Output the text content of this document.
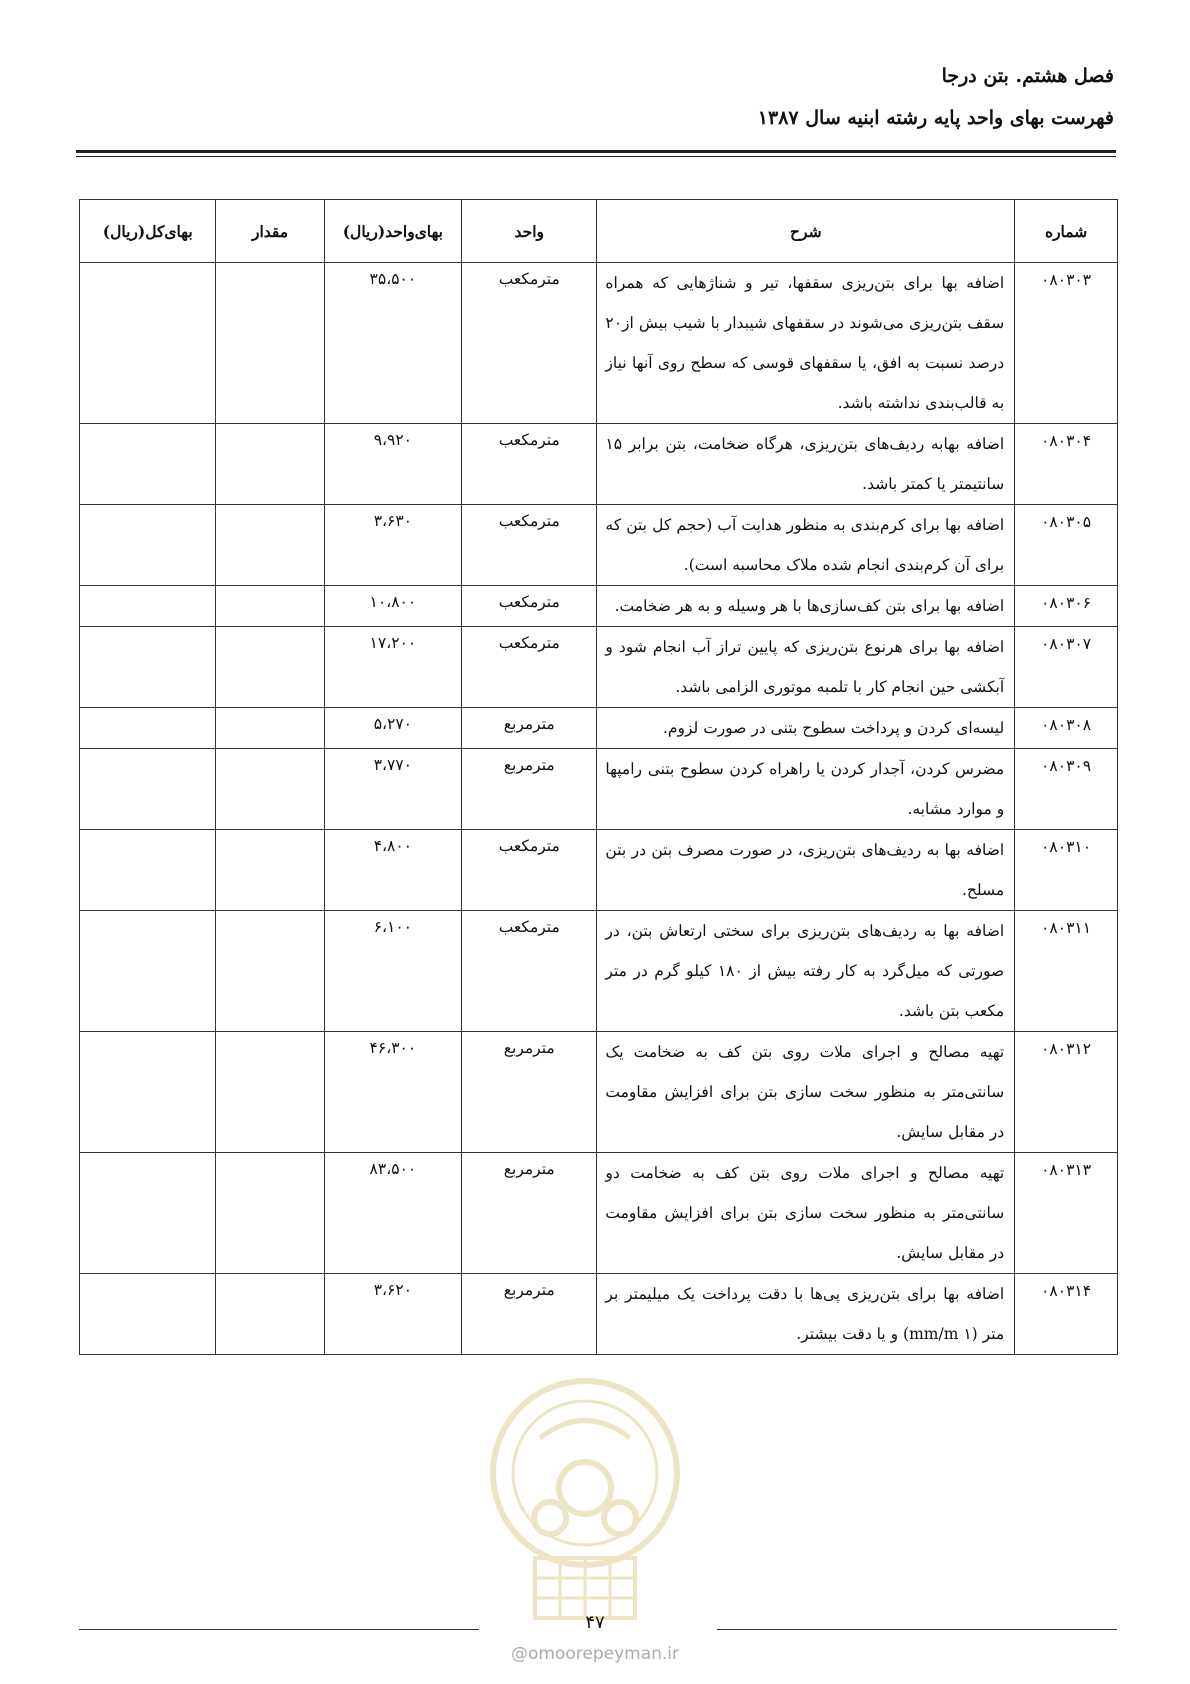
فصل هشتم. بتن درجا
فهرست بهای واحد پایه رشته ابنیه سال ۱۳۸۷
شماره	شرح	واحد	بهای‌واحد(ریال)	مقدار	بهای‌کل(ریال)
۰۸۰۳۰۳	اضافه بها برای بتن‌ریزی سقفها، تیر و شناژهایی که همراه سقف بتن‌ریزی می‌شوند در سقفهای شیبدار با شیب بیش از۲۰ درصد نسبت به افق، یا سقفهای قوسی که سطح روی آنها نیاز به قالب‌بندی نداشته باشد.	مترمکعب	۳۵،۵۰۰		
۰۸۰۳۰۴	اضافه بهابه ردیف‌های بتن‌ریزی، هرگاه ضخامت، بتن برابر ۱۵ سانتیمتر یا کمتر باشد.	مترمکعب	۹،۹۲۰		
۰۸۰۳۰۵	اضافه بها برای کرم‌بندی به منظور هدایت آب (حجم کل بتن که برای آن کرم‌بندی انجام شده ملاک محاسبه است).	مترمکعب	۳،۶۳۰		
۰۸۰۳۰۶	اضافه بها برای بتن کف‌سازی‌ها با هر وسیله و به هر ضخامت.	مترمکعب	۱۰،۸۰۰		
۰۸۰۳۰۷	اضافه بها برای هرنوع بتن‌ریزی که پایین تراز آب انجام شود و آبکشی حین انجام کار با تلمبه موتوری الزامی باشد.	مترمکعب	۱۷،۲۰۰		
۰۸۰۳۰۸	لیسه‌ای کردن و پرداخت سطوح بتنی در صورت لزوم.	مترمربع	۵،۲۷۰		
۰۸۰۳۰۹	مضرس کردن، آجدار کردن یا راهراه کردن سطوح بتنی رامپها و موارد مشابه.	مترمربع	۳،۷۷۰		
۰۸۰۳۱۰	اضافه بها به ردیف‌های بتن‌ریزی، در صورت مصرف بتن در بتن مسلح.	مترمکعب	۴،۸۰۰		
۰۸۰۳۱۱	اضافه بها به ردیف‌های بتن‌ریزی برای سختی ارتعاش بتن، در صورتی که میل‌گرد به کار رفته بیش از ۱۸۰ کیلو گرم در متر مکعب بتن باشد.	مترمکعب	۶،۱۰۰		
۰۸۰۳۱۲	تهیه مصالح و اجرای ملات روی بتن کف به ضخامت یک سانتی‌متر به منظور سخت سازی بتن برای افزایش مقاومت در مقابل سایش.	مترمربع	۴۶،۳۰۰		
۰۸۰۳۱۳	تهیه مصالح و اجرای ملات روی بتن کف به ضخامت دو سانتی‌متر به منظور سخت سازی بتن برای افزایش مقاومت در مقابل سایش.	مترمربع	۸۳،۵۰۰		
۰۸۰۳۱۴	اضافه بها برای بتن‌ریزی پی‌ها با دقت پرداخت یک میلیمتر بر متر (۱ mm/m) و یا دقت بیشتر.	مترمربع	۳،۶۲۰		
۴۷
@omoorepeyman.ir
